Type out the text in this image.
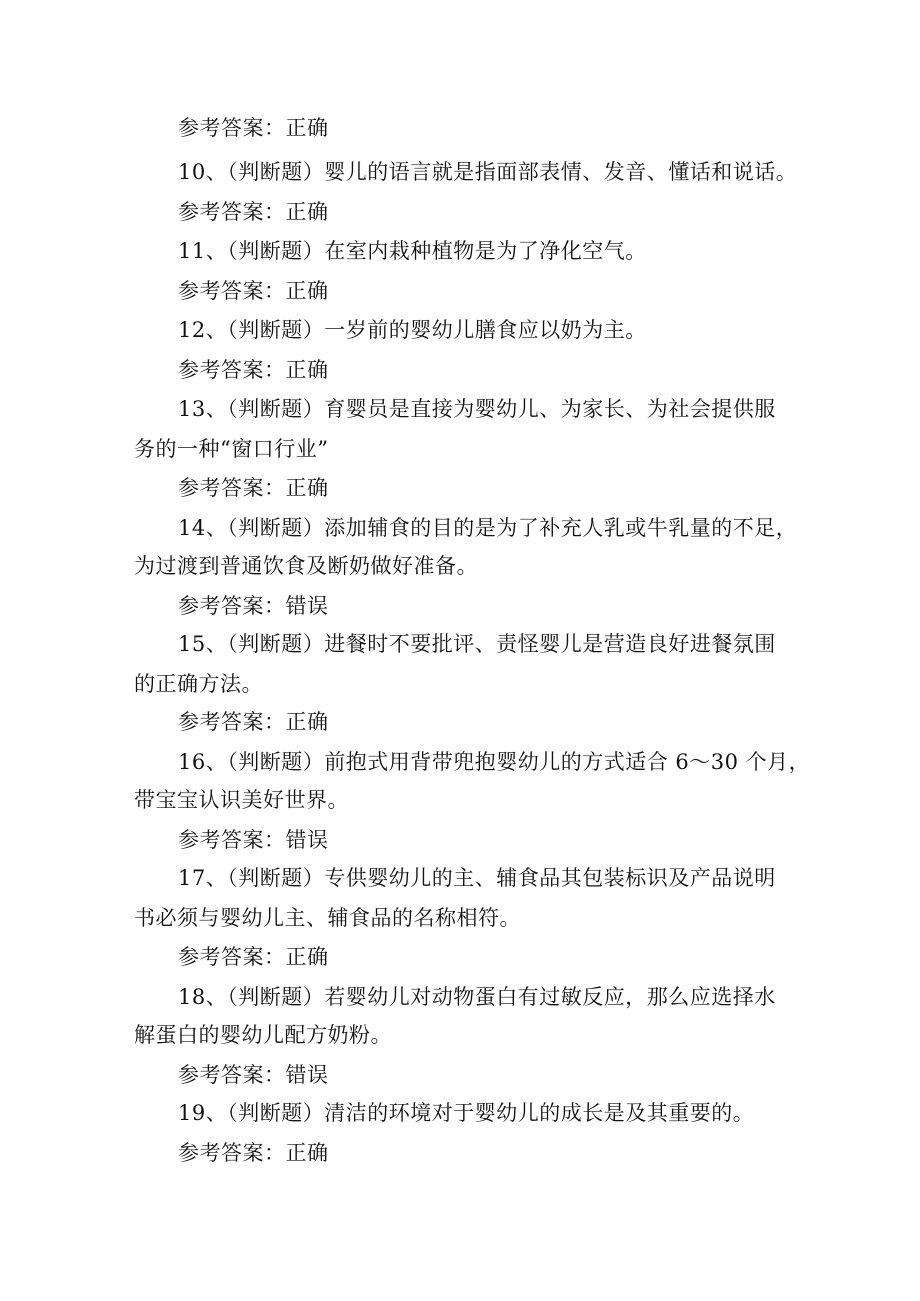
参考答案：正确
10、（判断题）婴儿的语言就是指面部表情、发音、懂话和说话。
参考答案：正确
11、（判断题）在室内栽种植物是为了净化空气。
参考答案：正确
12、（判断题）一岁前的婴幼儿膳食应以奶为主。
参考答案：正确
13、（判断题）育婴员是直接为婴幼儿、为家长、为社会提供服
务的一种“窗口行业”
参考答案：正确
14、（判断题）添加辅食的目的是为了补充人乳或牛乳量的不足，
为过渡到普通饮食及断奶做好准备。
参考答案：错误
15、（判断题）进餐时不要批评、责怪婴儿是营造良好进餐氛围
的正确方法。
参考答案：正确
16、（判断题）前抱式用背带兜抱婴幼儿的方式适合 6～30 个月，
带宝宝认识美好世界。
参考答案：错误
17、（判断题）专供婴幼儿的主、辅食品其包装标识及产品说明
书必须与婴幼儿主、辅食品的名称相符。
参考答案：正确
18、（判断题）若婴幼儿对动物蛋白有过敏反应，那么应选择水
解蛋白的婴幼儿配方奶粉。
参考答案：错误
19、（判断题）清洁的环境对于婴幼儿的成长是及其重要的。
参考答案：正确
